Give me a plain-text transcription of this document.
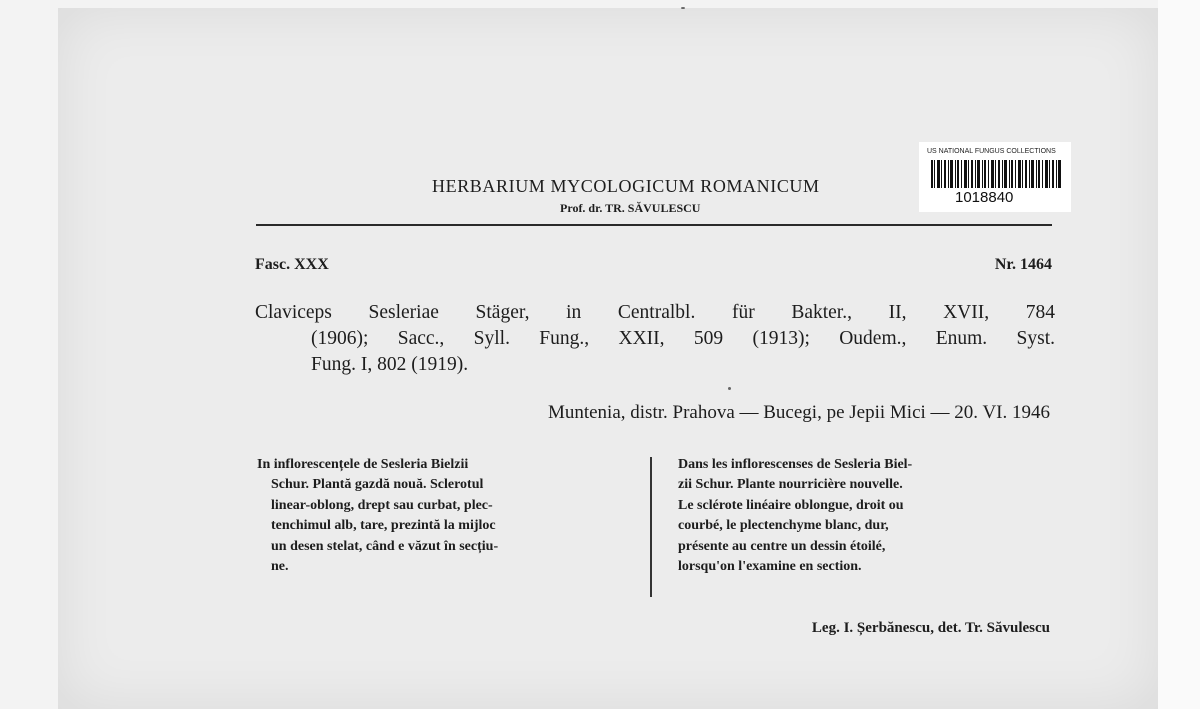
HERBARIUM MYCOLOGICUM ROMANICUM
Prof. dr. TR. SĂVULESCU
US NATIONAL FUNGUS COLLECTIONS
1018840
Fasc. XXX	Nr. 1464
Claviceps Sesleriae Stäger, in Centralbl. für Bakter., II, XVII, 784
(1906); Sacc., Syll. Fung., XXII, 509 (1913); Oudem., Enum. Syst.
Fung. I, 802 (1919).
Muntenia, distr. Prahova — Bucegi, pe Jepii Mici — 20. VI. 1946
In inflorescențele de Sesleria Bielzii
Schur. Plantă gazdă nouă. Sclerotul
linear-oblong, drept sau curbat, plec-
tenchimul alb, tare, prezintă la mijloc
un desen stelat, când e văzut în secțiu-
ne.
Dans les inflorescenses de Sesleria Biel-
zii Schur. Plante nourricière nouvelle.
Le sclérote linéaire oblongue, droit ou
courbé, le plectenchyme blanc, dur,
présente au centre un dessin étoilé,
lorsqu'on l'examine en section.
Leg. I. Șerbănescu, det. Tr. Săvulescu
